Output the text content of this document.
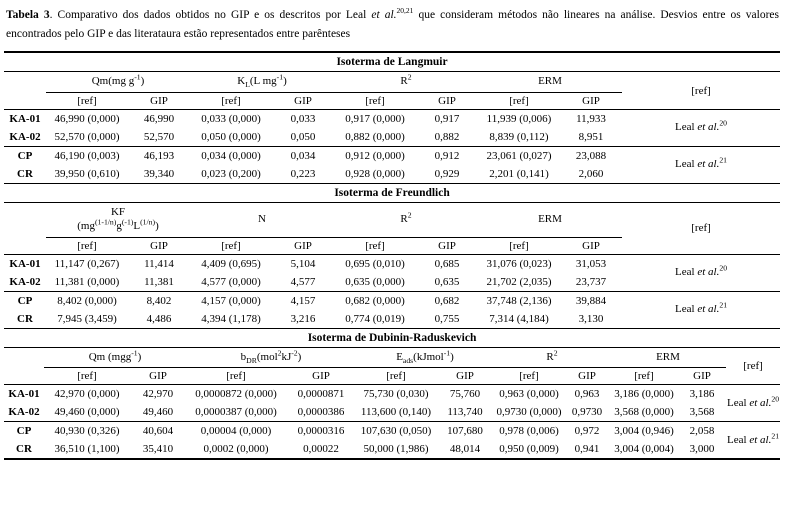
Tabela 3. Comparativo dos dados obtidos no GIP e os descritos por Leal et al.$^{20,21}$ que consideram métodos não lineares na análise. Desvios entre os valores encontrados pelo GIP e das literataura estão representados entre parênteses
Isoterma de Langmuir									
	Qm(mg $g^{-1}$)		$K_L(L$ $mg^{-1}$)		$R^2$		ERM		[ref]
	[ref]	GIP	[ref]	GIP	[ref]	GIP	[ref]	GIP	
KA-01	46,990 (0,000)	46,990	0,033 (0,000)	0,033	0,917 (0,000)	0,917	11,939 (0,006)	11,933	Leal et al.$^{20}$
KA-02	52,570 (0,000)	52,570	0,050 (0,000)	0,050	0,882 (0,000)	0,882	8,839 (0,112)	8,951	
CP	46,190 (0,003)	46,193	0,034 (0,000)	0,034	0,912 (0,000)	0,912	23,061 (0,027)	23,088	Leal et al.$^{21}$
CR	39,950 (0,610)	39,340	0,023 (0,200)	0,223	0,928 (0,000)	0,929	2,201 (0,141)	2,060	
Isoterma de Freundlich									
	KF
$(mg^{(1-1/n)}g^{(-1)}L^{(1/n)})$		N		$R^2$		ERM		[ref]
	[ref]	GIP	[ref]	GIP	[ref]	GIP	[ref]	GIP	
KA-01	11,147 (0,267)	11,414	4,409 (0,695)	5,104	0,695 (0,010)	0,685	31,076 (0,023)	31,053	Leal et al.$^{20}$
KA-02	11,381 (0,000)	11,381	4,577 (0,000)	4,577	0,635 (0,000)	0,635	21,702 (2,035)	23,737	
CP	8,402 (0,000)	8,402	4,157 (0,000)	4,157	0,682 (0,000)	0,682	37,748 (2,136)	39,884	Leal et al.$^{21}$
CR	7,945 (3,459)	4,486	4,394 (1,178)	3,216	0,774 (0,019)	0,755	7,314 (4,184)	3,130	
Isoterma de Dubinin-Raduskevich											
	Qm (mgg$^{-1}$)		$b_{DR}(mol^2kJ^{-2})$		$E_{ads}(kJmol^{-1})$		$R^2$		ERM		[ref]
	[ref]	GIP	[ref]	GIP	[ref]	GIP	[ref]	GIP	[ref]	GIP	
KA-01	42,970 (0,000)	42,970	0,0000872 (0,000)	0,0000871	75,730 (0,030)	75,760	0,963 (0,000)	0,963	3,186 (0,000)	3,186	Leal et al.$^{20}$
KA-02	49,460 (0,000)	49,460	0,0000387 (0,000)	0,0000386	113,600 (0,140)	113,740	0,9730 (0,000)	0,9730	3,568 (0,000)	3,568	
CP	40,930 (0,326)	40,604	0,00004 (0,000)	0,0000316	107,630 (0,050)	107,680	0,978 (0,006)	0,972	3,004 (0,946)	2,058	Leal et al.$^{21}$
CR	36,510 (1,100)	35,410	0,0002 (0,000)	0,00022	50,000 (1,986)	48,014	0,950 (0,009)	0,941	3,004 (0,004)	3,000	
